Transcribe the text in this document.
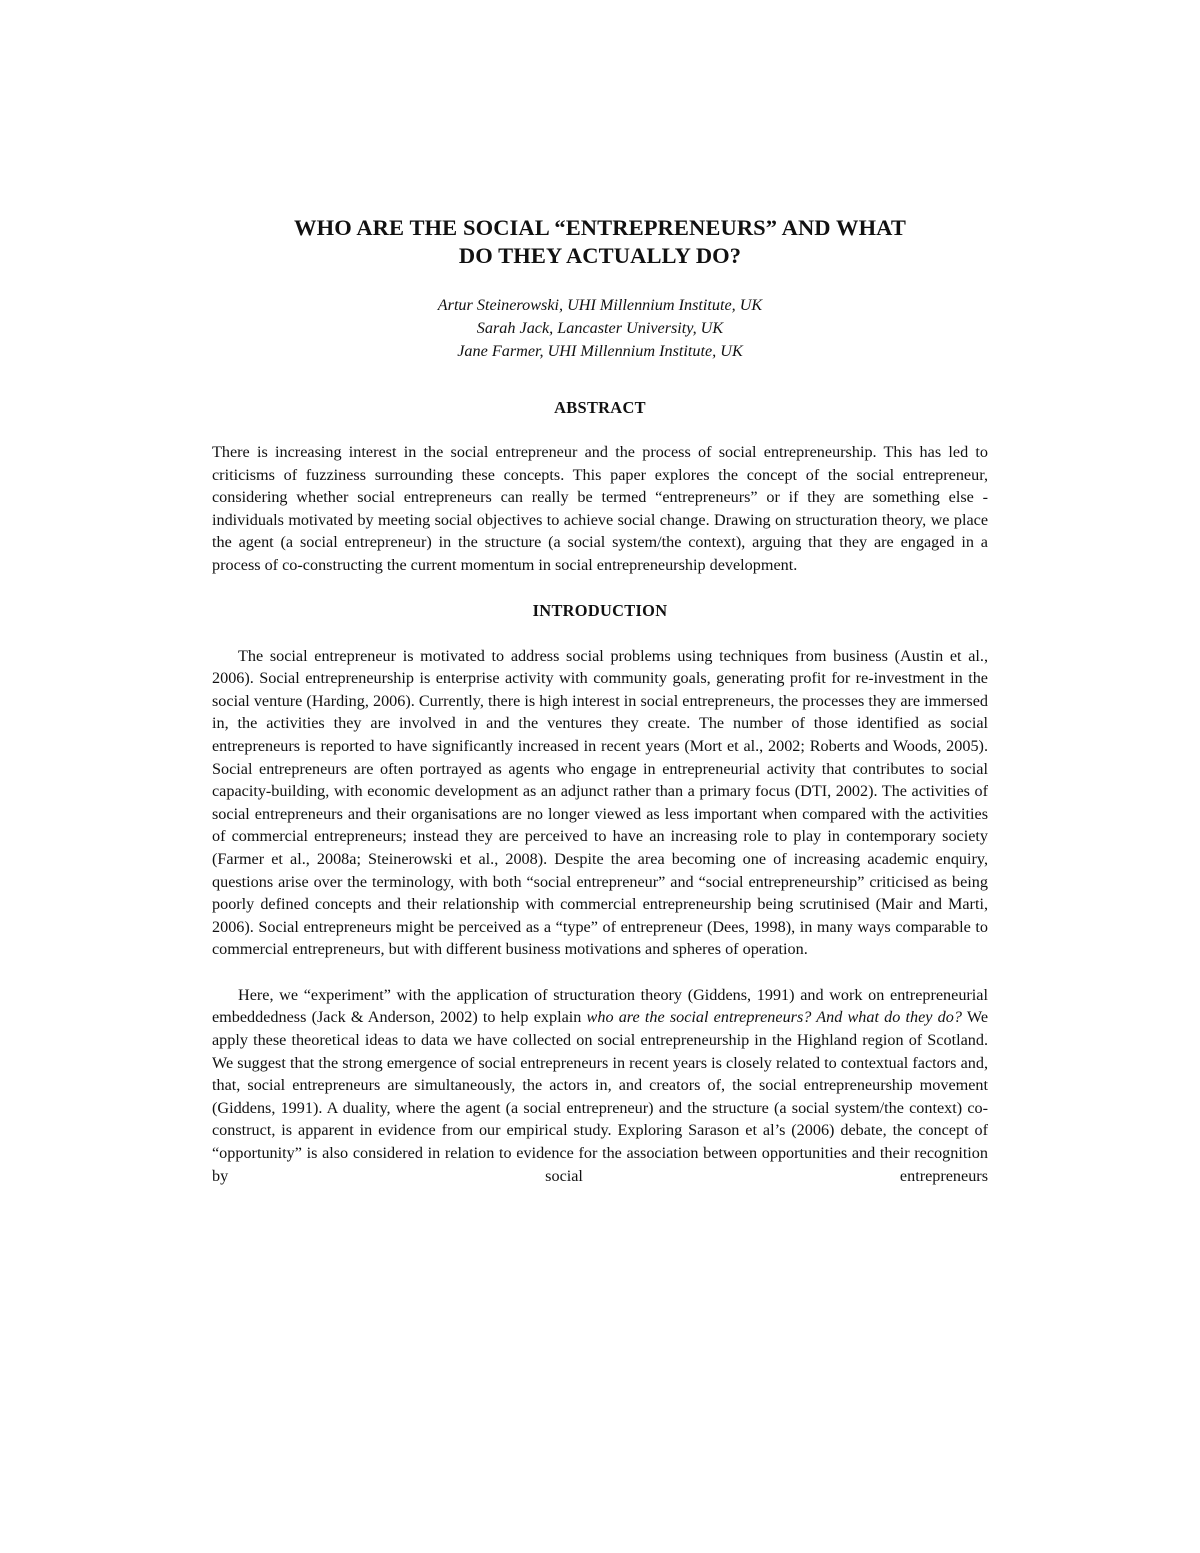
WHO ARE THE SOCIAL “ENTREPRENEURS” AND WHAT
DO THEY ACTUALLY DO?
Artur Steinerowski, UHI Millennium Institute, UK
Sarah Jack, Lancaster University, UK
Jane Farmer, UHI Millennium Institute, UK
ABSTRACT

There is increasing interest in the social entrepreneur and the process of social entrepreneurship. This has led to criticisms of fuzziness surrounding these concepts. This paper explores the concept of the social entrepreneur, considering whether social entrepreneurs can really be termed “entrepreneurs” or if they are something else - individuals motivated by meeting social objectives to achieve social change. Drawing on structuration theory, we place the agent (a social entrepreneur) in the structure (a social system/the context), arguing that they are engaged in a process of co-constructing the current momentum in social entrepreneurship development.

INTRODUCTION

The social entrepreneur is motivated to address social problems using techniques from business (Austin et al., 2006). Social entrepreneurship is enterprise activity with community goals, generating profit for re-investment in the social venture (Harding, 2006). Currently, there is high interest in social entrepreneurs, the processes they are immersed in, the activities they are involved in and the ventures they create. The number of those identified as social entrepreneurs is reported to have significantly increased in recent years (Mort et al., 2002; Roberts and Woods, 2005). Social entrepreneurs are often portrayed as agents who engage in entrepreneurial activity that contributes to social capacity-building, with economic development as an adjunct rather than a primary focus (DTI, 2002). The activities of social entrepreneurs and their organisations are no longer viewed as less important when compared with the activities of commercial entrepreneurs; instead they are perceived to have an increasing role to play in contemporary society (Farmer et al., 2008a; Steinerowski et al., 2008). Despite the area becoming one of increasing academic enquiry, questions arise over the terminology, with both “social entrepreneur” and “social entrepreneurship” criticised as being poorly defined concepts and their relationship with commercial entrepreneurship being scrutinised (Mair and Marti, 2006). Social entrepreneurs might be perceived as a “type” of entrepreneur (Dees, 1998), in many ways comparable to commercial entrepreneurs, but with different business motivations and spheres of operation.

Here, we “experiment” with the application of structuration theory (Giddens, 1991) and work on entrepreneurial embeddedness (Jack & Anderson, 2002) to help explain who are the social entrepreneurs? And what do they do? We apply these theoretical ideas to data we have collected on social entrepreneurship in the Highland region of Scotland. We suggest that the strong emergence of social entrepreneurs in recent years is closely related to contextual factors and, that, social entrepreneurs are simultaneously, the actors in, and creators of, the social entrepreneurship movement (Giddens, 1991). A duality, where the agent (a social entrepreneur) and the structure (a social system/the context) co-construct, is apparent in evidence from our empirical study. Exploring Sarason et al’s (2006) debate, the concept of “opportunity” is also considered in relation to evidence for the association between opportunities and their recognition by social entrepreneurs
